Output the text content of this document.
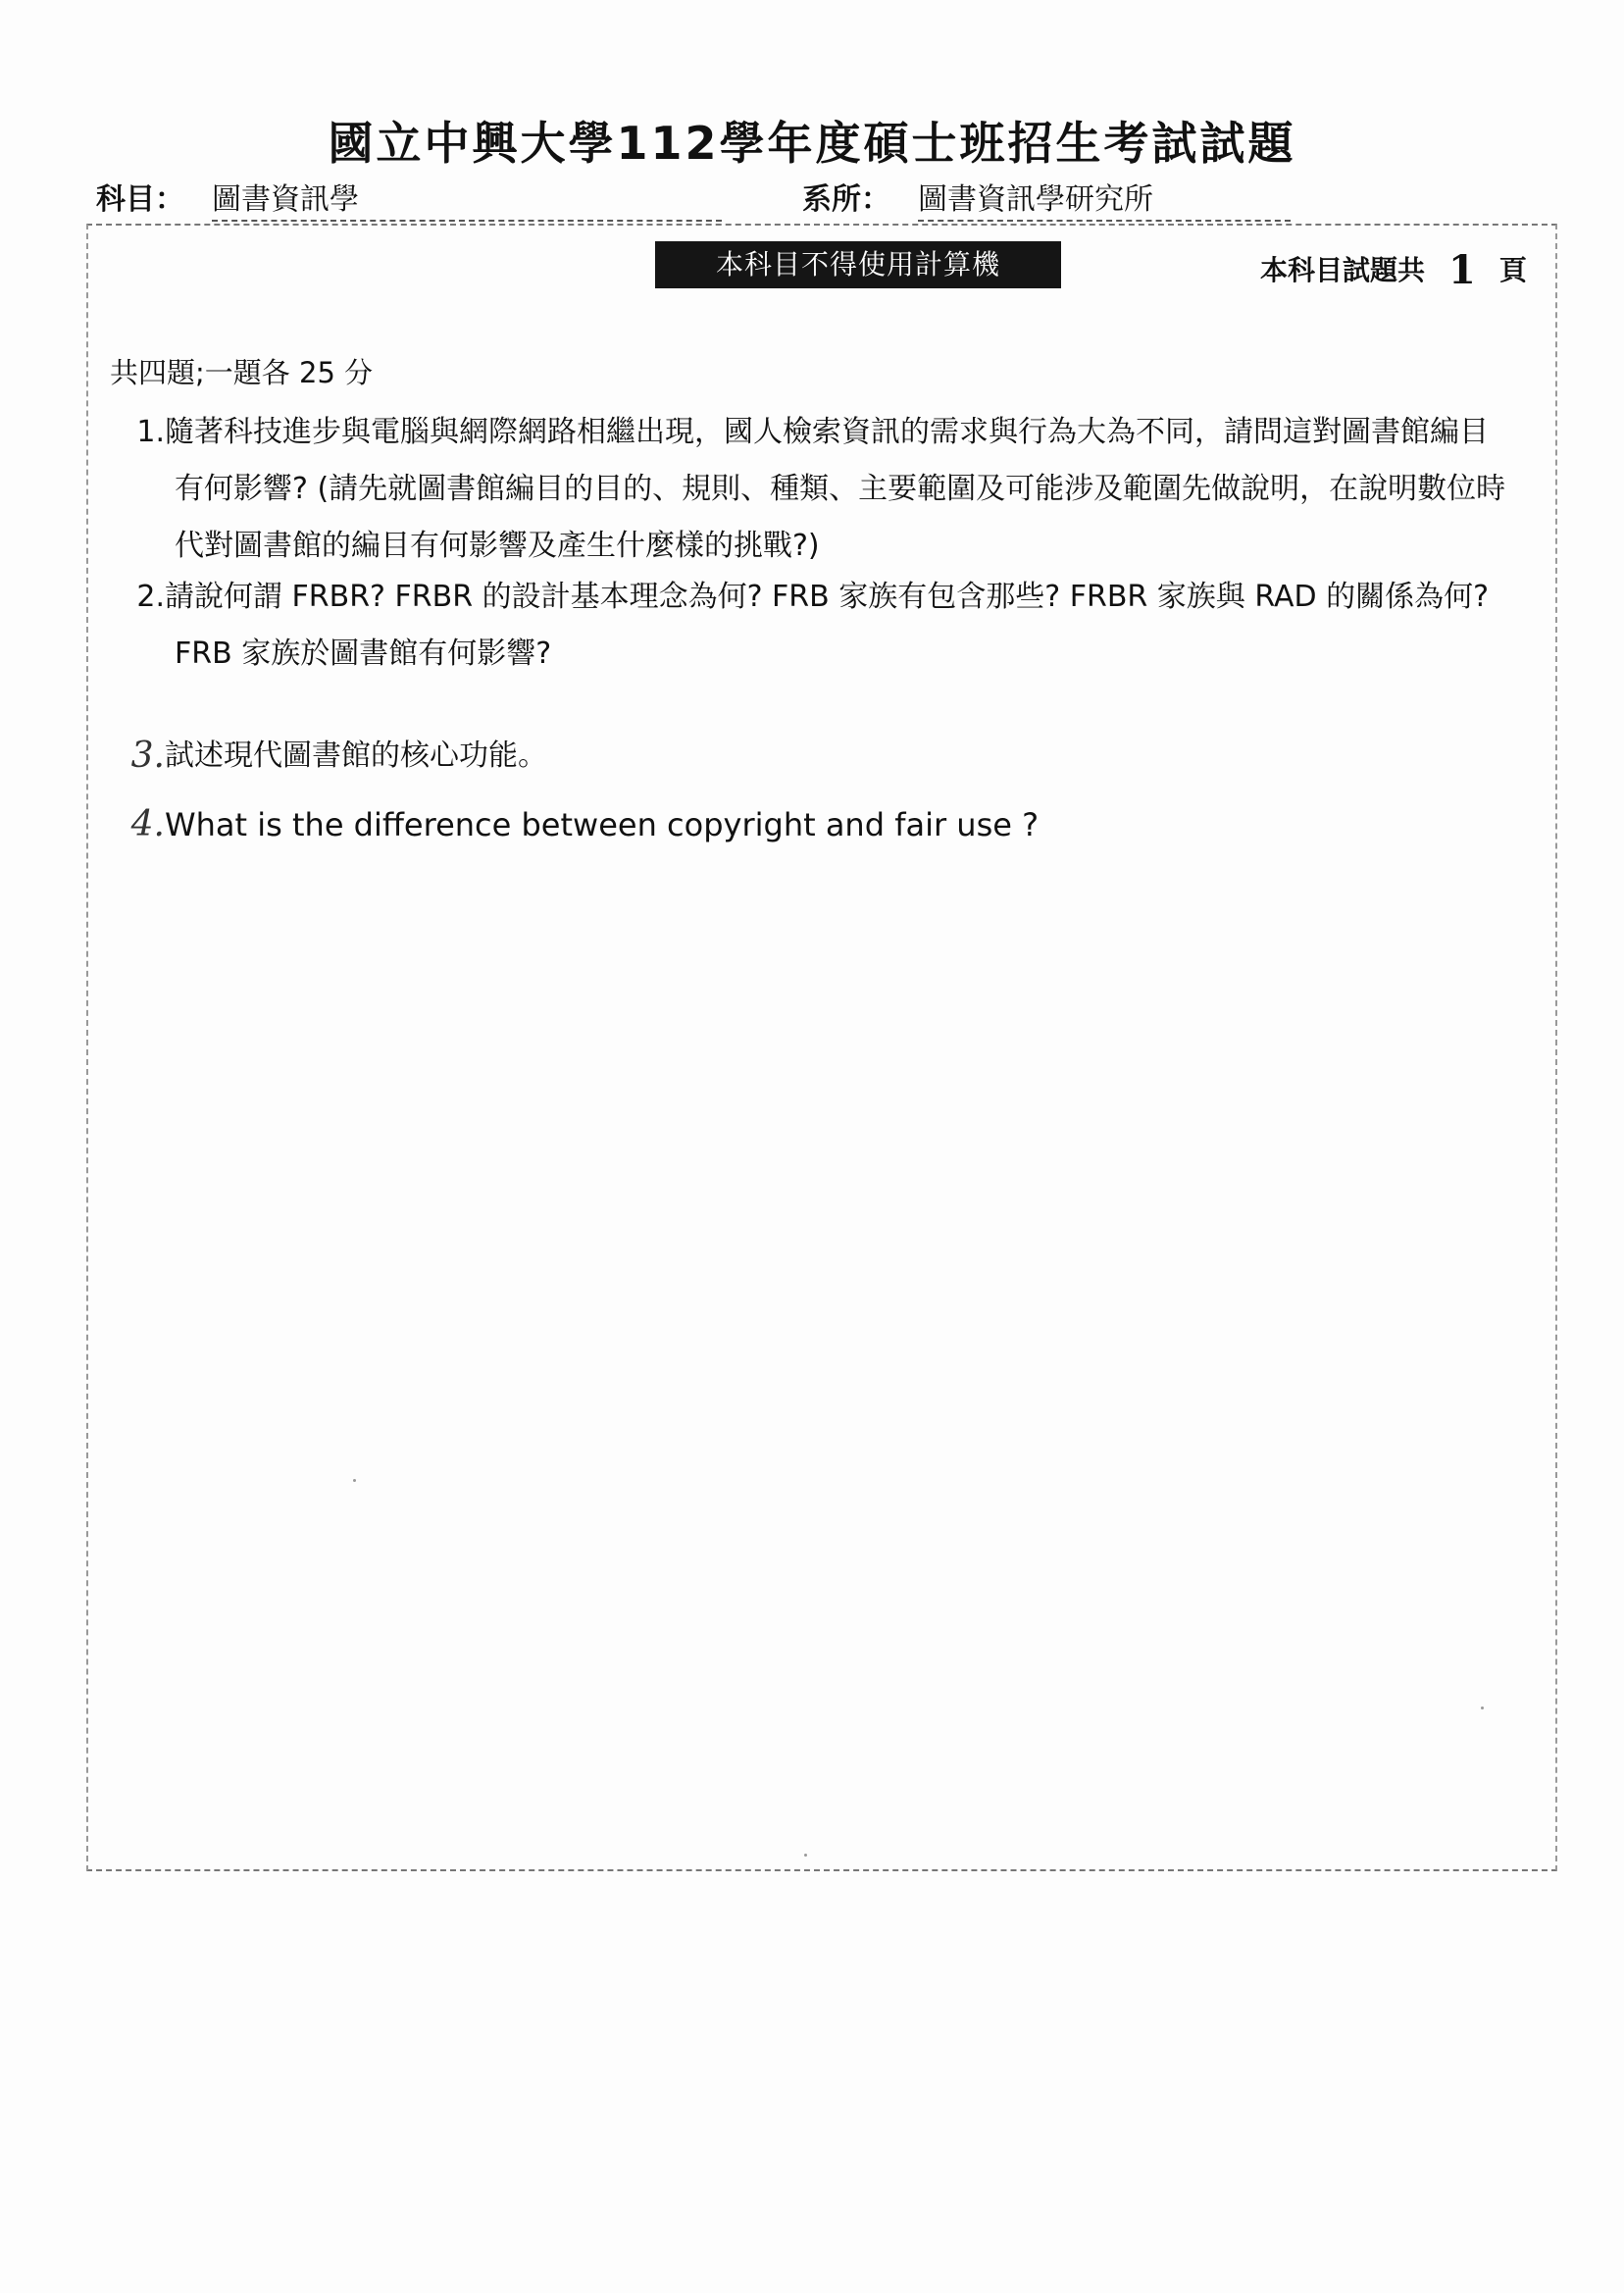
國立中興大學112學年度碩士班招生考試試題
科目： 圖書資訊學	系所： 圖書資訊學研究所
本科目不得使用計算機	本科目試題共 1 頁
共四題;一題各 25 分
1. 隨著科技進步與電腦與網際網路相繼出現，國人檢索資訊的需求與行為大為不同，請問這對圖書館編目有何影響? (請先就圖書館編目的目的、規則、種類、主要範圍及可能涉及範圍先做說明，在說明數位時代對圖書館的編目有何影響及產生什麼樣的挑戰?)
2. 請說何謂 FRBR? FRBR 的設計基本理念為何? FRB 家族有包含那些? FRBR 家族與 RAD 的關係為何? FRB 家族於圖書館有何影響?
3. 試述現代圖書館的核心功能。
4. What is the difference between copyright and fair use ?
